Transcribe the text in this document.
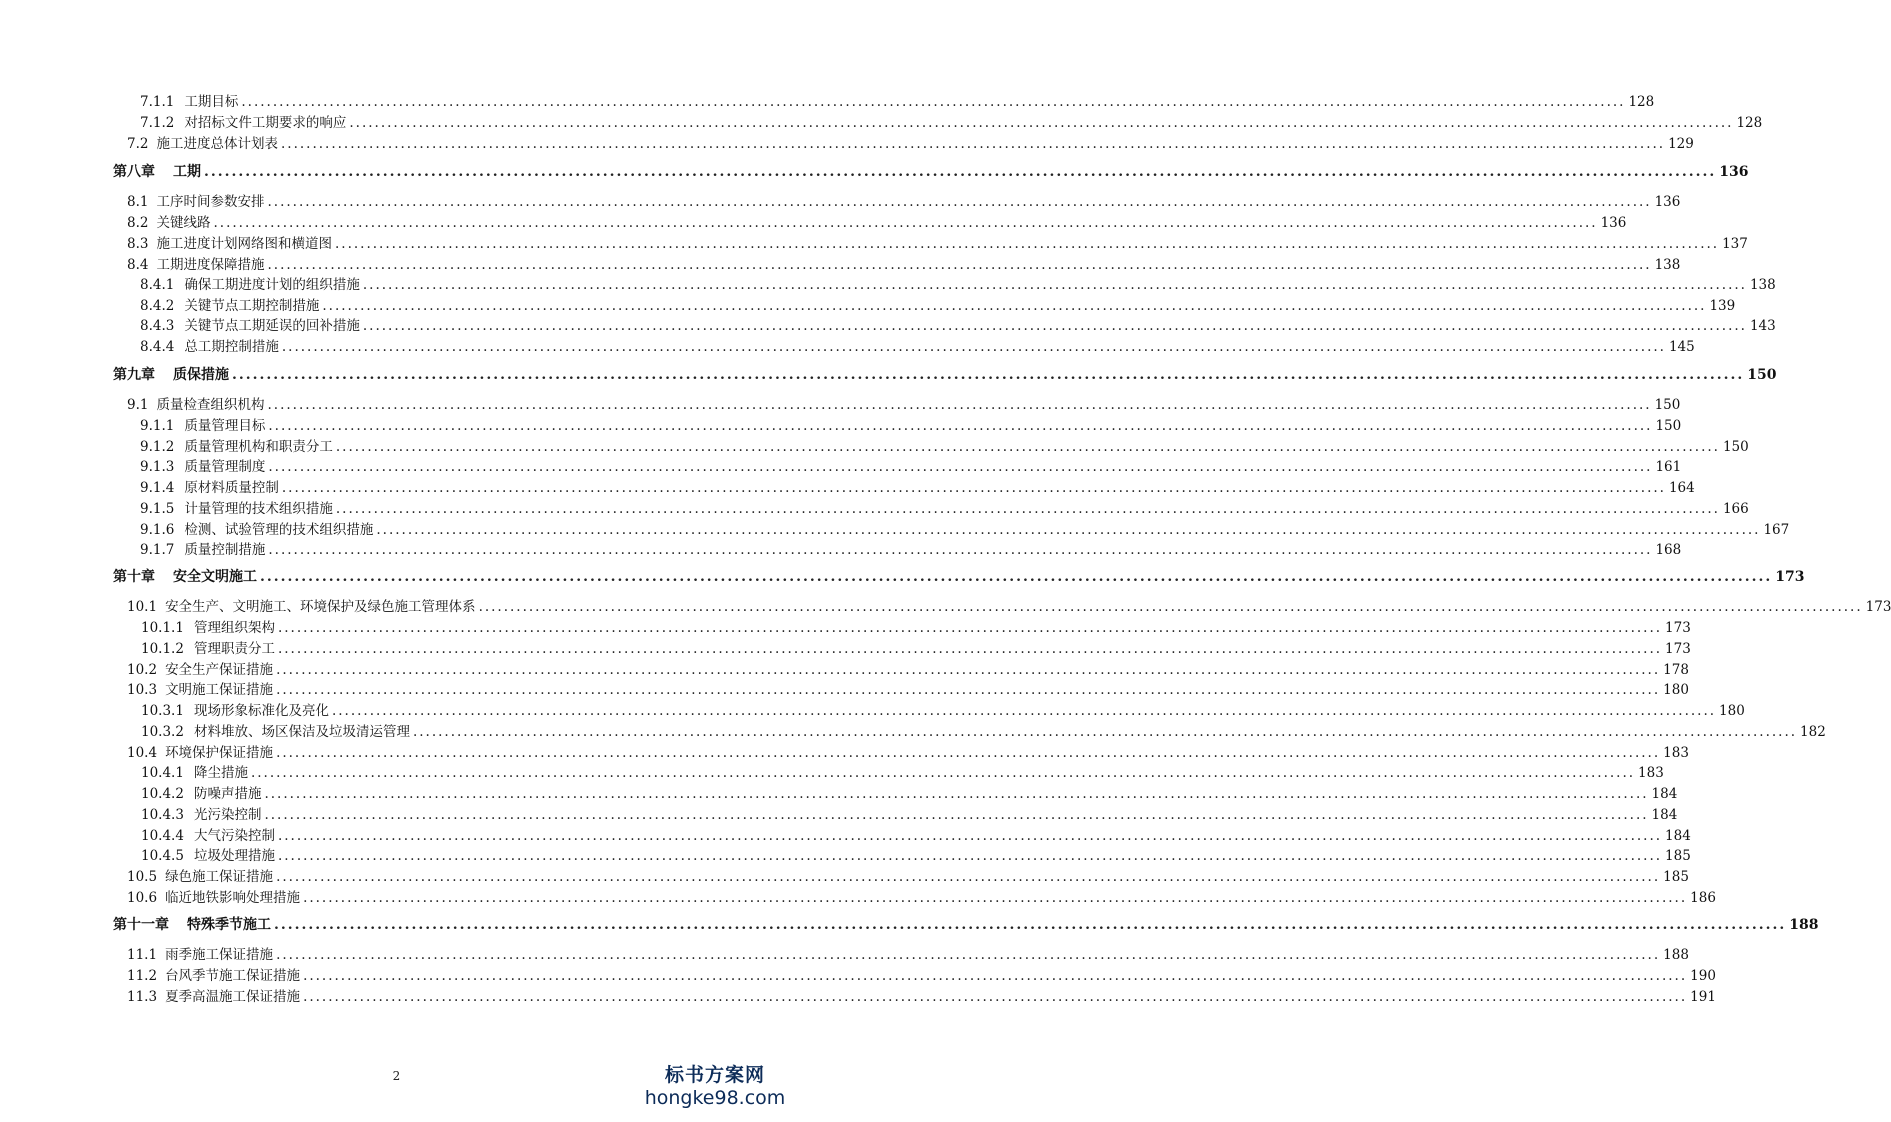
7.1.1 工期目标 ............................................................................................................................................................................................................................ 128
7.1.2 对招标文件工期要求的响应 ............................................................................................................................................................................................................................ 128
7.2 施工进度总体计划表 ............................................................................................................................................................................................................................ 129
第八章 工期 ............................................................................................................................................................................................................................ 136
8.1 工序时间参数安排 ............................................................................................................................................................................................................................ 136
8.2 关键线路 ............................................................................................................................................................................................................................ 136
8.3 施工进度计划网络图和横道图 ............................................................................................................................................................................................................................ 137
8.4 工期进度保障措施 ............................................................................................................................................................................................................................ 138
8.4.1 确保工期进度计划的组织措施 ............................................................................................................................................................................................................................ 138
8.4.2 关键节点工期控制措施 ............................................................................................................................................................................................................................ 139
8.4.3 关键节点工期延误的回补措施 ............................................................................................................................................................................................................................ 143
8.4.4 总工期控制措施 ............................................................................................................................................................................................................................ 145
第九章 质保措施 ............................................................................................................................................................................................................................ 150
9.1 质量检查组织机构 ............................................................................................................................................................................................................................ 150
9.1.1 质量管理目标 ............................................................................................................................................................................................................................ 150
9.1.2 质量管理机构和职责分工 ............................................................................................................................................................................................................................ 150
9.1.3 质量管理制度 ............................................................................................................................................................................................................................ 161
9.1.4 原材料质量控制 ............................................................................................................................................................................................................................ 164
9.1.5 计量管理的技术组织措施 ............................................................................................................................................................................................................................ 166
9.1.6 检测、试验管理的技术组织措施 ............................................................................................................................................................................................................................ 167
9.1.7 质量控制措施 ............................................................................................................................................................................................................................ 168
第十章 安全文明施工 ............................................................................................................................................................................................................................ 173
10.1 安全生产、文明施工、环境保护及绿色施工管理体系 ............................................................................................................................................................................................................................ 173
10.1.1 管理组织架构 ............................................................................................................................................................................................................................ 173
10.1.2 管理职责分工 ............................................................................................................................................................................................................................ 173
10.2 安全生产保证措施 ............................................................................................................................................................................................................................ 178
10.3 文明施工保证措施 ............................................................................................................................................................................................................................ 180
10.3.1 现场形象标准化及亮化 ............................................................................................................................................................................................................................ 180
10.3.2 材料堆放、场区保洁及垃圾清运管理 ............................................................................................................................................................................................................................ 182
10.4 环境保护保证措施 ............................................................................................................................................................................................................................ 183
10.4.1 降尘措施 ............................................................................................................................................................................................................................ 183
10.4.2 防噪声措施 ............................................................................................................................................................................................................................ 184
10.4.3 光污染控制 ............................................................................................................................................................................................................................ 184
10.4.4 大气污染控制 ............................................................................................................................................................................................................................ 184
10.4.5 垃圾处理措施 ............................................................................................................................................................................................................................ 185
10.5 绿色施工保证措施 ............................................................................................................................................................................................................................ 185
10.6 临近地铁影响处理措施 ............................................................................................................................................................................................................................ 186
第十一章 特殊季节施工 ............................................................................................................................................................................................................................ 188
11.1 雨季施工保证措施 ............................................................................................................................................................................................................................ 188
11.2 台风季节施工保证措施 ............................................................................................................................................................................................................................ 190
11.3 夏季高温施工保证措施 ............................................................................................................................................................................................................................ 191
2	标书方案网
hongke98.com
